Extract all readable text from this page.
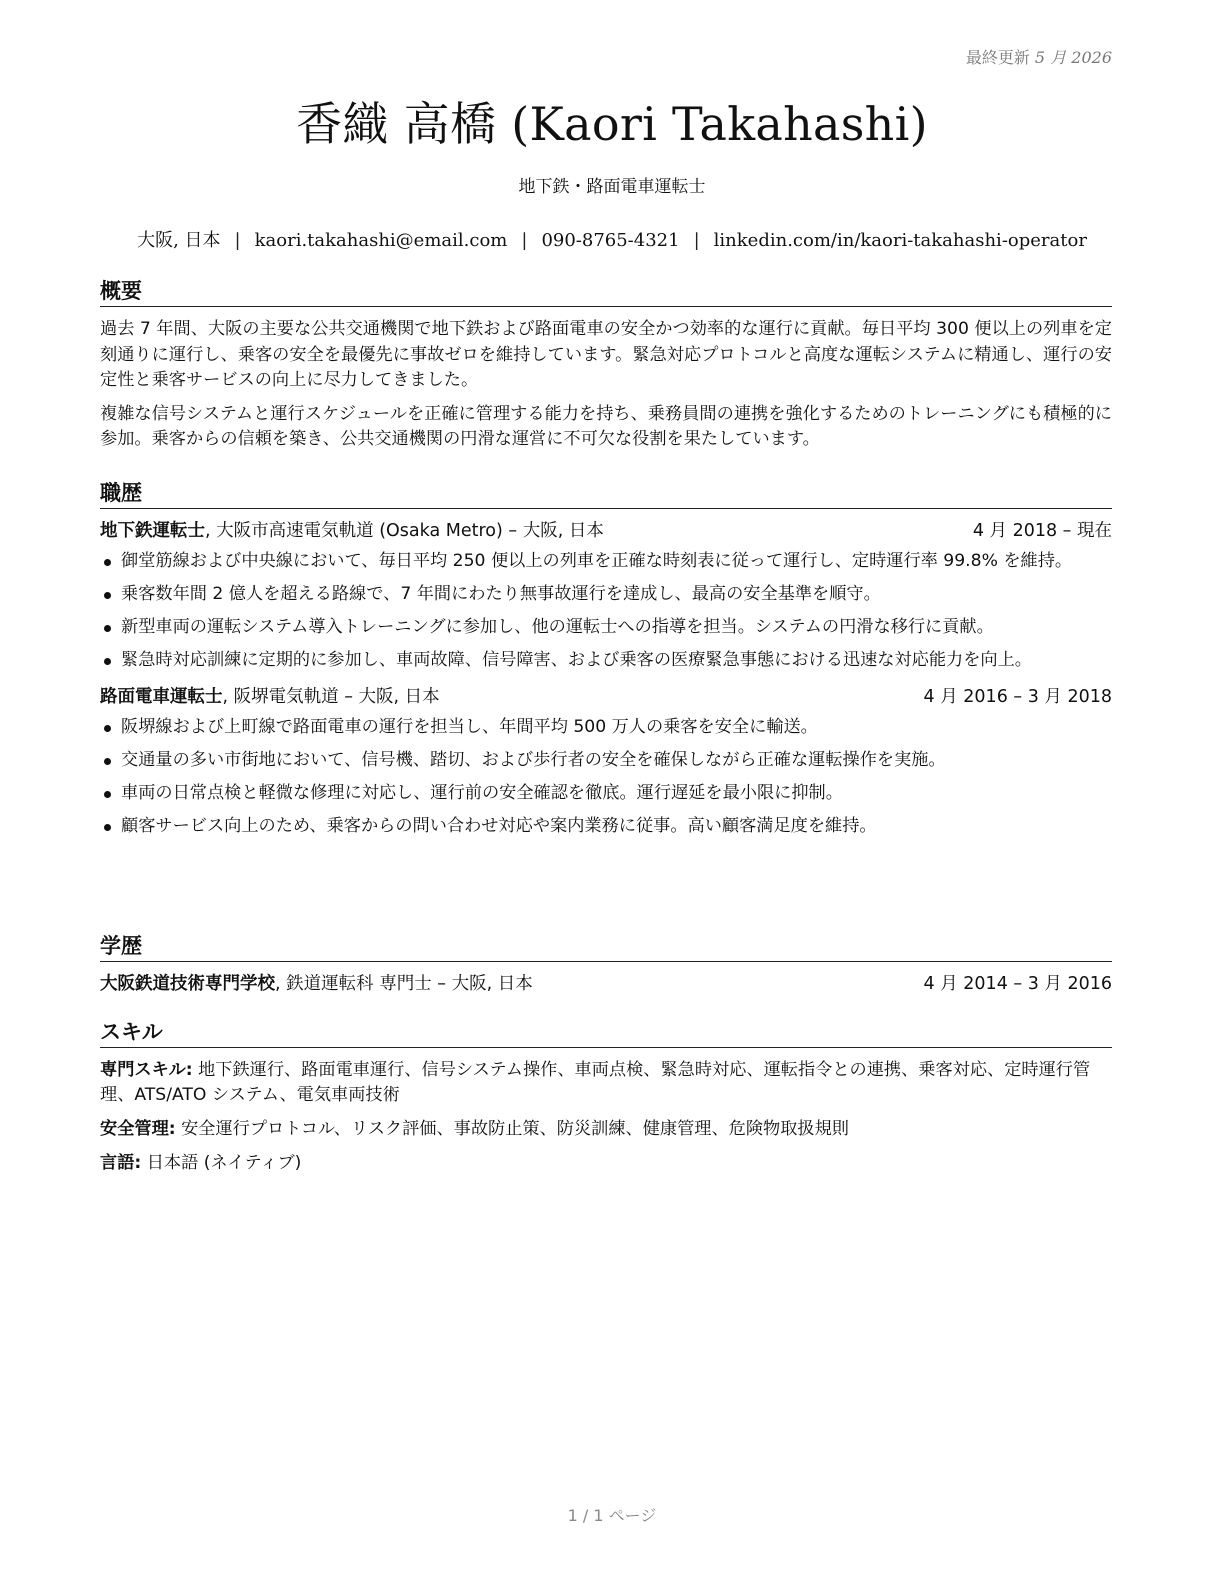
最終更新 5 月 2026
香織 高橋 (Kaori Takahashi)
地下鉄・路面電車運転士
大阪, 日本 | kaori.takahashi@email.com | 090-8765-4321 | linkedin.com/in/kaori-takahashi-operator
概要

過去 7 年間、大阪の主要な公共交通機関で地下鉄および路面電車の安全かつ効率的な運行に貢献。毎日平均 300 便以上の列車を定刻通りに運行し、乗客の安全を最優先に事故ゼロを維持しています。緊急対応プロトコルと高度な運転システムに精通し、運行の安定性と乗客サービスの向上に尽力してきました。

複雑な信号システムと運行スケジュールを正確に管理する能力を持ち、乗務員間の連携を強化するためのトレーニングにも積極的に参加。乗客からの信頼を築き、公共交通機関の円滑な運営に不可欠な役割を果たしています。

職歴
地下鉄運転士, 大阪市高速電気軌道 (Osaka Metro) – 大阪, 日本	4 月 2018 – 現在
御堂筋線および中央線において、毎日平均 250 便以上の列車を正確な時刻表に従って運行し、定時運行率 99.8% を維持。
乗客数年間 2 億人を超える路線で、7 年間にわたり無事故運行を達成し、最高の安全基準を順守。
新型車両の運転システム導入トレーニングに参加し、他の運転士への指導を担当。システムの円滑な移行に貢献。
緊急時対応訓練に定期的に参加し、車両故障、信号障害、および乗客の医療緊急事態における迅速な対応能力を向上。
路面電車運転士, 阪堺電気軌道 – 大阪, 日本	4 月 2016 – 3 月 2018
阪堺線および上町線で路面電車の運行を担当し、年間平均 500 万人の乗客を安全に輸送。
交通量の多い市街地において、信号機、踏切、および歩行者の安全を確保しながら正確な運転操作を実施。
車両の日常点検と軽微な修理に対応し、運行前の安全確認を徹底。運行遅延を最小限に抑制。
顧客サービス向上のため、乗客からの問い合わせ対応や案内業務に従事。高い顧客満足度を維持。
学歴
大阪鉄道技術専門学校, 鉄道運転科 専門士 – 大阪, 日本	4 月 2014 – 3 月 2016
スキル

専門スキル: 地下鉄運行、路面電車運行、信号システム操作、車両点検、緊急時対応、運転指令との連携、乗客対応、定時運行管理、ATS/ATO システム、電気車両技術

安全管理: 安全運行プロトコル、リスク評価、事故防止策、防災訓練、健康管理、危険物取扱規則

言語: 日本語 (ネイティブ)

1 / 1 ページ
